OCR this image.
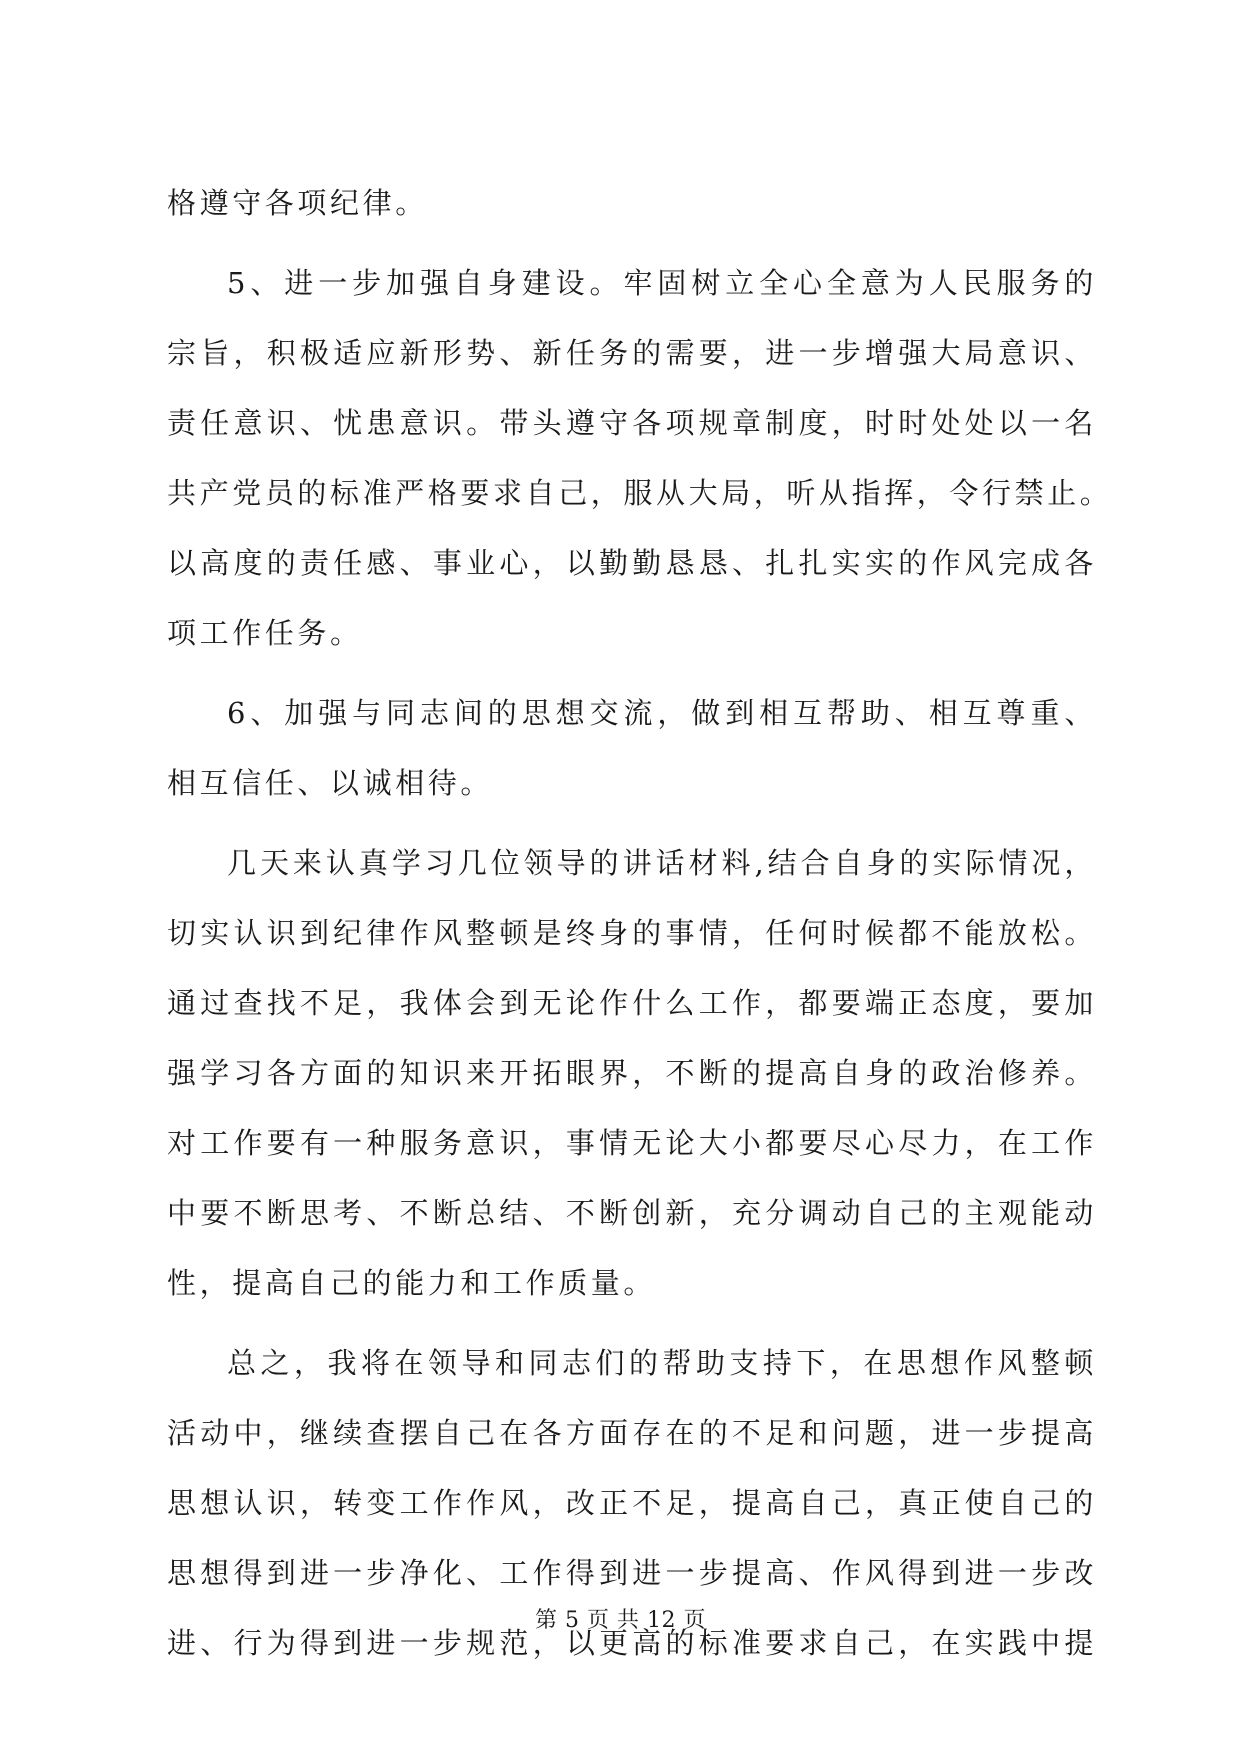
格遵守各项纪律。
5、进一步加强自身建设。牢固树立全心全意为人民服务的
宗旨，积极适应新形势、新任务的需要，进一步增强大局意识、
责任意识、忧患意识。带头遵守各项规章制度，时时处处以一名
共产党员的标准严格要求自己，服从大局，听从指挥，令行禁止。
以高度的责任感、事业心，以勤勤恳恳、扎扎实实的作风完成各
项工作任务。
6、加强与同志间的思想交流，做到相互帮助、相互尊重、
相互信任、以诚相待。
几天来认真学习几位领导的讲话材料,结合自身的实际情况，
切实认识到纪律作风整顿是终身的事情，任何时候都不能放松。
通过查找不足，我体会到无论作什么工作，都要端正态度，要加
强学习各方面的知识来开拓眼界，不断的提高自身的政治修养。
对工作要有一种服务意识，事情无论大小都要尽心尽力，在工作
中要不断思考、不断总结、不断创新，充分调动自己的主观能动
性，提高自己的能力和工作质量。
总之，我将在领导和同志们的帮助支持下，在思想作风整顿
活动中，继续查摆自己在各方面存在的不足和问题，进一步提高
思想认识，转变工作作风，改正不足，提高自己，真正使自己的
思想得到进一步净化、工作得到进一步提高、作风得到进一步改
进、行为得到进一步规范，以更高的标准要求自己，在实践中提
第 5 页 共 12 页
